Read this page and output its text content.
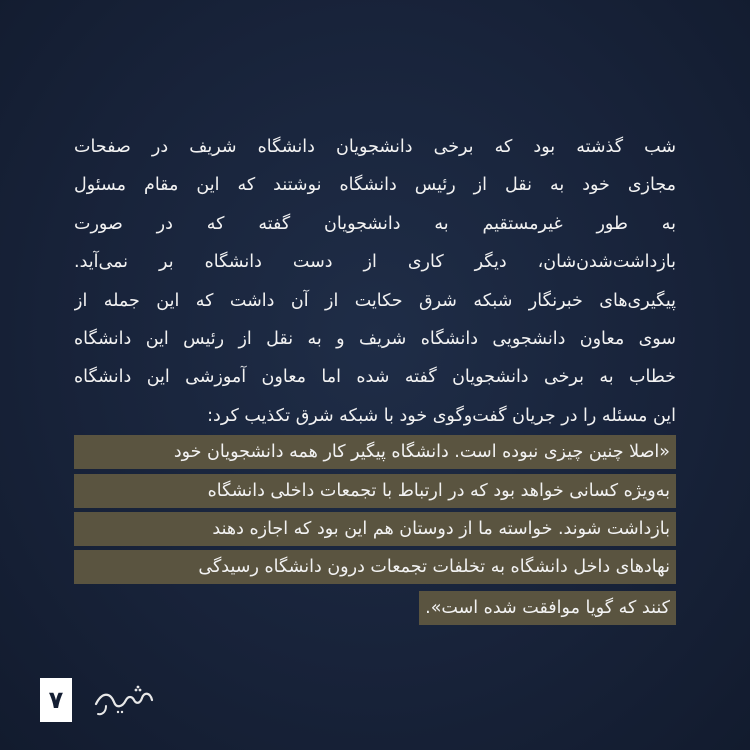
شب گذشته بود که برخی دانشجویان دانشگاه شریف در صفحات
مجازی خود به نقل از رئیس دانشگاه نوشتند که این مقام مسئول
به طور غیرمستقیم به دانشجویان گفته که در صورت
بازداشت‌شدن‌شان، دیگر کاری از دست دانشگاه بر نمی‌آید.
پیگیری‌های خبرنگار شبکه شرق حکایت از آن داشت که این جمله از
سوی معاون دانشجویی دانشگاه شریف و به نقل از رئیس این دانشگاه
خطاب به برخی دانشجویان گفته شده اما معاون آموزشی این دانشگاه
این مسئله را در جریان گفت‌وگوی خود با شبکه شرق تکذیب کرد:
«اصلا چنین چیزی نبوده است. دانشگاه پیگیر کار همه دانشجویان خود
به‌ویژه کسانی خواهد بود که در ارتباط با تجمعات داخلی دانشگاه
بازداشت شوند. خواسته ما از دوستان هم این بود که اجازه دهند
نهادهای داخل دانشگاه به تخلفات تجمعات درون دانشگاه رسیدگی
کنند که گویا موافقت شده است».
۷
